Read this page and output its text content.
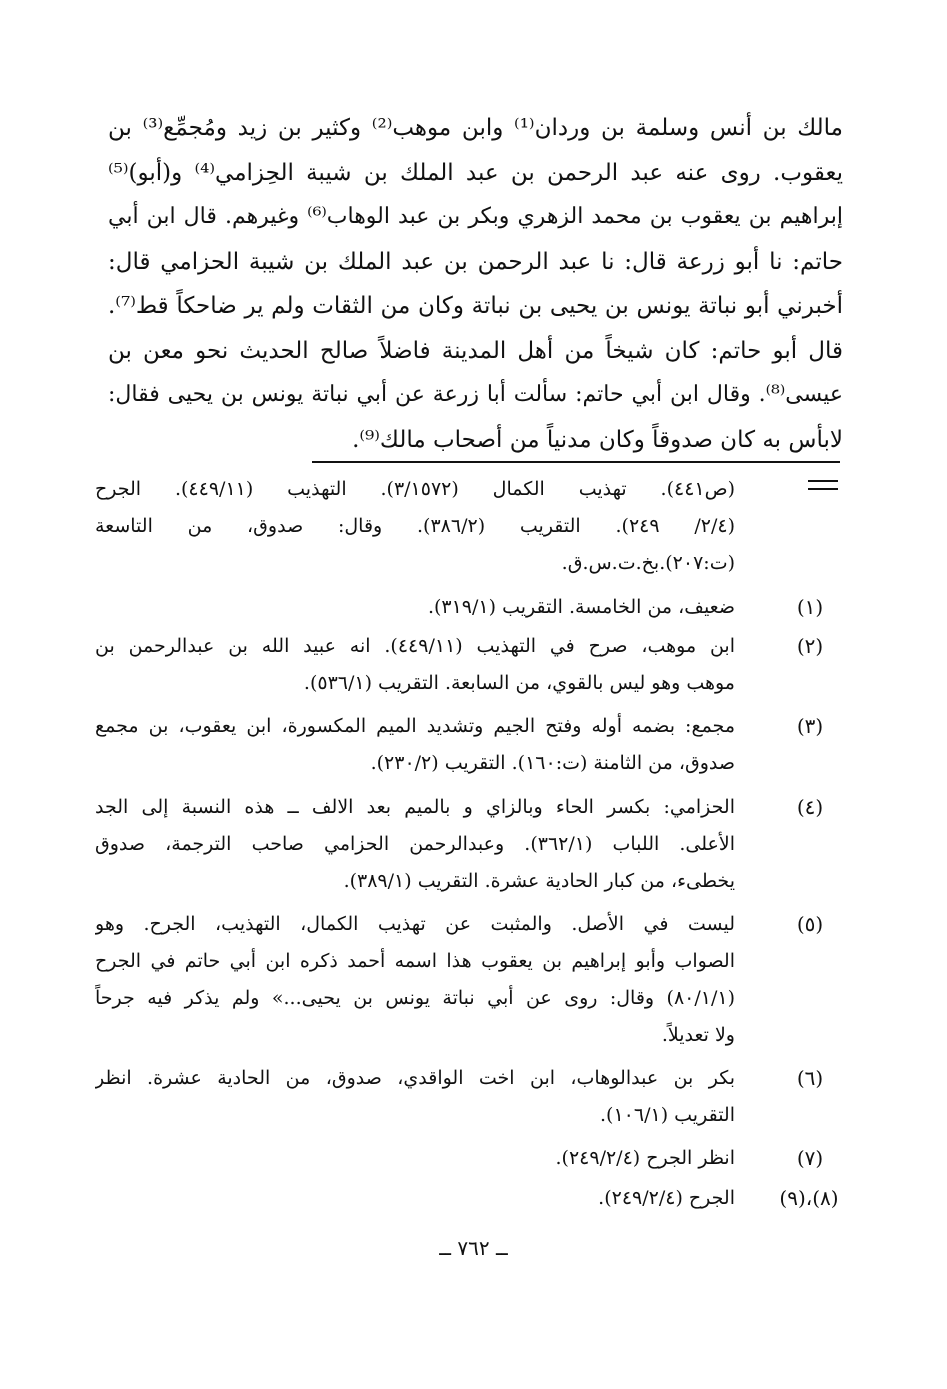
مالك بن أنس وسلمة بن وردان⁽¹⁾ وابن موهب⁽²⁾ وكثير بن زيد ومُجمِّع⁽³⁾ بن
يعقوب. روى عنه عبد الرحمن بن عبد الملك بن شيبة الحِزامي⁽⁴⁾ و(أبو)⁽⁵⁾
إبراهيم بن يعقوب بن محمد الزهري وبكر بن عبد الوهاب⁽⁶⁾ وغيرهم. قال ابن أبي
حاتم: نا أبو زرعة قال: نا عبد الرحمن بن عبد الملك بن شيبة الحزامي قال:
أخبرني أبو نباتة يونس بن يحيى بن نباتة وكان من الثقات ولم ير ضاحكاً قط⁽⁷⁾.
قال أبو حاتم: كان شيخاً من أهل المدينة فاضلاً صالح الحديث نحو معن بن
عيسى⁽⁸⁾. وقال ابن أبي حاتم: سألت أبا زرعة عن أبي نباتة يونس بن يحيى فقال:
لابأس به كان صدوقاً وكان مدنياً من أصحاب مالك⁽⁹⁾.
(ص٤٤١). تهذيب الكمال (٣/١٥٧٢). التهذيب (٤٤٩/١١). الجرح
(٢/٤/ ٢٤٩). التقريب (٣٨٦/٢). وقال: صدوق، من التاسعة
(ت:٢٠٧).بخ.ت.س.ق.
(١)
ضعيف، من الخامسة. التقريب (٣١٩/١).
(٢)
ابن موهب، صرح في التهذيب (٤٤٩/١١). انه عبيد الله بن عبدالرحمن بن
موهب وهو ليس بالقوي، من السابعة. التقريب (٥٣٦/١).
(٣)
مجمع: بضمه أوله وفتح الجيم وتشديد الميم المكسورة، ابن يعقوب، بن مجمع
صدوق، من الثامنة (ت:١٦٠). التقريب (٢٣٠/٢).
(٤)
الحزامي: بكسر الحاء وبالزاي و بالميم بعد الالف ــ هذه النسبة إلى الجد
الأعلى. اللباب (٣٦٢/١). وعبدالرحمن الحزامي صاحب الترجمة، صدوق
يخطىء، من كبار الحادية عشرة. التقريب (٣٨٩/١).
(٥)
ليست في الأصل. والمثبت عن تهذيب الكمال، التهذيب، الجرح. وهو
الصواب وأبو إبراهيم بن يعقوب هذا اسمه أحمد ذكره ابن أبي حاتم في الجرح
(٨٠/١/١) وقال: روى عن أبي نباتة يونس بن يحيى...» ولم يذكر فيه جرحاً
ولا تعديلاً.
(٦)
بكر بن عبدالوهاب، ابن اخت الواقدي، صدوق، من الحادية عشرة. انظر
التقريب (١٠٦/١).
(٧)
انظر الجرح (٢٤٩/٢/٤).
(٨)،(٩)
الجرح (٢٤٩/٢/٤).
ــ ٧٦٢ ــ
